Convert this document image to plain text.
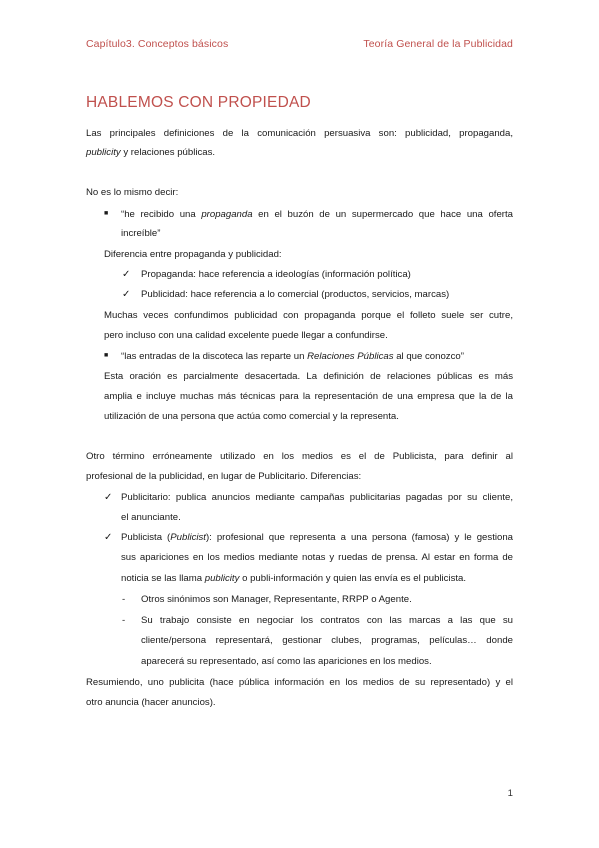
Capítulo3. Conceptos básicos	Teoría General de la Publicidad
HABLEMOS CON PROPIEDAD
Las principales definiciones de la comunicación persuasiva son: publicidad, propaganda,
publicity y relaciones públicas.
No es lo mismo decir:
■ “he recibido una propaganda en el buzón de un supermercado que hace una oferta
increíble”
Diferencia entre propaganda y publicidad:
✓ Propaganda: hace referencia a ideologías (información política)
✓ Publicidad: hace referencia a lo comercial (productos, servicios, marcas)
Muchas veces confundimos publicidad con propaganda porque el folleto suele ser cutre,
pero incluso con una calidad excelente puede llegar a confundirse.
■ “las entradas de la discoteca las reparte un Relaciones Públicas al que conozco”
Esta oración es parcialmente desacertada. La definición de relaciones públicas es más
amplia e incluye muchas más técnicas para la representación de una empresa que la de la
utilización de una persona que actúa como comercial y la representa.
Otro término erróneamente utilizado en los medios es el de Publicista, para definir al
profesional de la publicidad, en lugar de Publicitario. Diferencias:
✓ Publicitario: publica anuncios mediante campañas publicitarias pagadas por su cliente,
el anunciante.
✓ Publicista (Publicist): profesional que representa a una persona (famosa) y le gestiona
sus apariciones en los medios mediante notas y ruedas de prensa. Al estar en forma de
noticia se las llama publicity o publi-información y quien las envía es el publicista.
- Otros sinónimos son Manager, Representante, RRPP o Agente.
- Su trabajo consiste en negociar los contratos con las marcas a las que su
cliente/persona representará, gestionar clubes, programas, películas… donde
aparecerá su representado, así como las apariciones en los medios.
Resumiendo, uno publicita (hace pública información en los medios de su representado) y el
otro anuncia (hacer anuncios).
1
